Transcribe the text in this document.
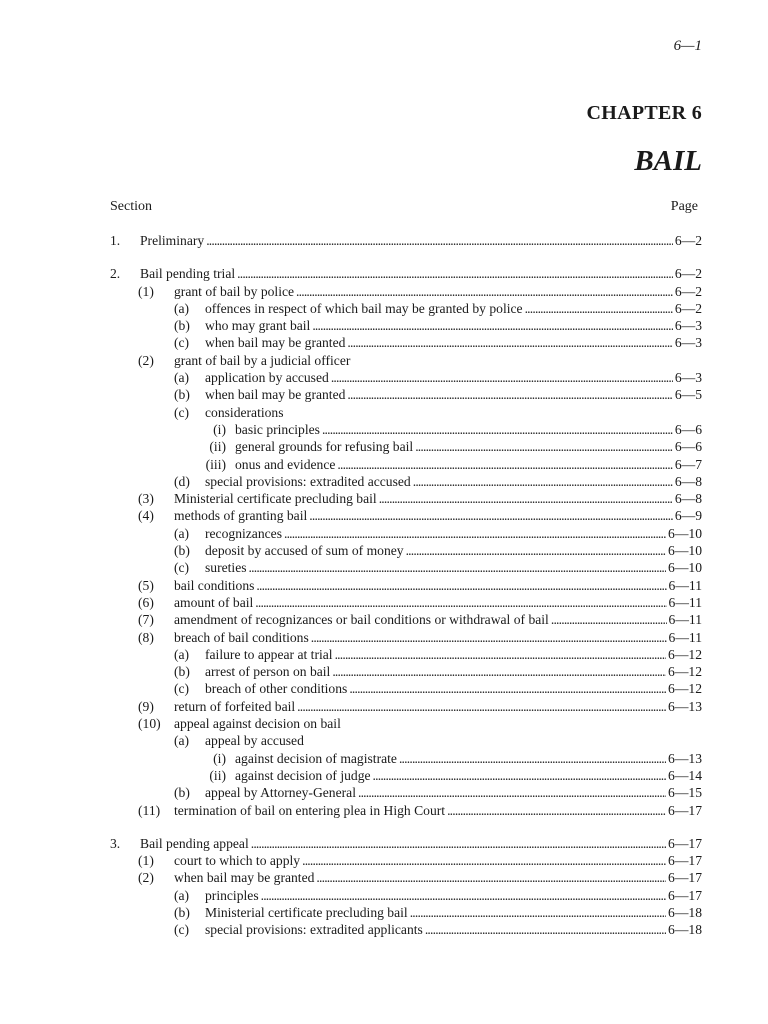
6—1
CHAPTER 6
BAIL
Section	Page
1. Preliminary . . .	6—2
2. Bail pending trial . . .	6—2
(1)	grant of bail by police . . .	6—2
(a)	offences in respect of which bail may be granted by police . . .	6—2
(b)	who may grant bail . . .	6—3
(c)	when bail may be granted . . .	6—3
(2)	grant of bail by a judicial officer
(a)	application by accused . . .	6—3
(b)	when bail may be granted . . .	6—5
(c)	considerations
(i) basic principles . . .	6—6
(ii) general grounds for refusing bail . . .	6—6
(iii) onus and evidence . . .	6—7
(d)	special provisions: extradited accused . . .	6—8
(3)	Ministerial certificate precluding bail . . .	6—8
(4)	methods of granting bail . . .	6—9
(a)	recognizances . . .	6—10
(b)	deposit by accused of sum of money . . .	6—10
(c)	sureties . . .	6—10
(5)	bail conditions . . .	6—11
(6)	amount of bail . . .	6—11
(7)	amendment of recognizances or bail conditions or withdrawal of bail . . .	6—11
(8)	breach of bail conditions . . .	6—11
(a)	failure to appear at trial . . .	6—12
(b)	arrest of person on bail . . .	6—12
(c)	breach of other conditions . . .	6—12
(9)	return of forfeited bail . . .	6—13
(10) appeal against decision on bail
(a)	appeal by accused
(i) against decision of magistrate . . .	6—13
(ii) against decision of judge . . .	6—14
(b)	appeal by Attorney-General . . .	6—15
(11) termination of bail on entering plea in High Court . . .	6—17
3. Bail pending appeal . . .	6—17
(1)	court to which to apply . . .	6—17
(2)	when bail may be granted . . .	6—17
(a)	principles . . .	6—17
(b)	Ministerial certificate precluding bail . . .	6—18
(c)	special provisions: extradited applicants . . .	6—18
